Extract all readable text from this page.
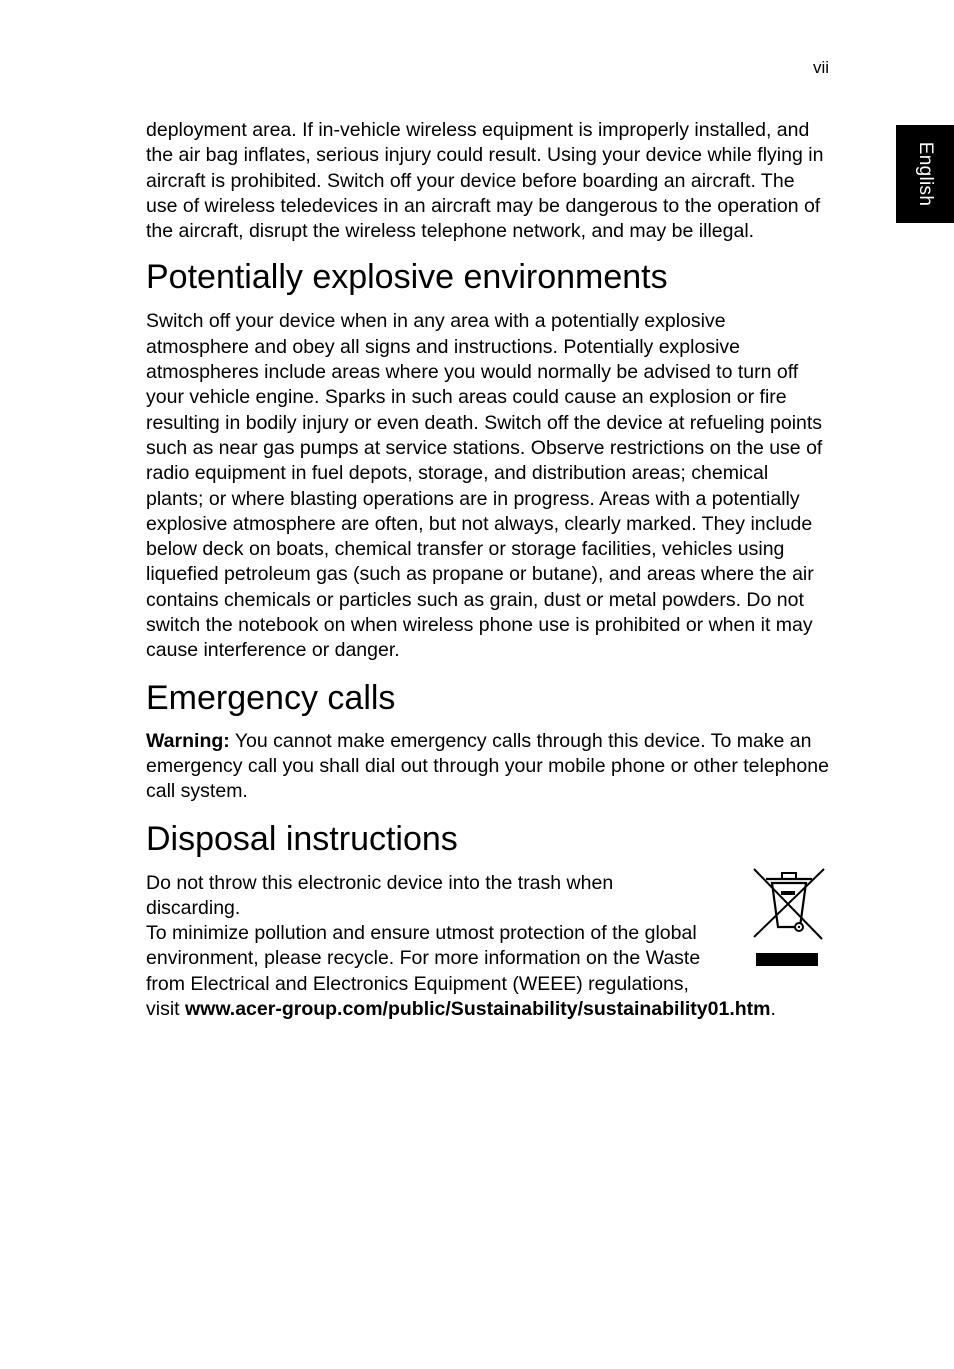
vii
English

deployment area. If in-vehicle wireless equipment is improperly installed, and the air bag inflates, serious injury could result. Using your device while flying in aircraft is prohibited. Switch off your device before boarding an aircraft. The use of wireless teledevices in an aircraft may be dangerous to the operation of the aircraft, disrupt the wireless telephone network, and may be illegal.

Potentially explosive environments

Switch off your device when in any area with a potentially explosive atmosphere and obey all signs and instructions. Potentially explosive atmospheres include areas where you would normally be advised to turn off your vehicle engine. Sparks in such areas could cause an explosion or fire resulting in bodily injury or even death. Switch off the device at refueling points such as near gas pumps at service stations. Observe restrictions on the use of radio equipment in fuel depots, storage, and distribution areas; chemical plants; or where blasting operations are in progress. Areas with a potentially explosive atmosphere are often, but not always, clearly marked. They include below deck on boats, chemical transfer or storage facilities, vehicles using liquefied petroleum gas (such as propane or butane), and areas where the air contains chemicals or particles such as grain, dust or metal powders. Do not switch the notebook on when wireless phone use is prohibited or when it may cause interference or danger.

Emergency calls

Warning: You cannot make emergency calls through this device. To make an emergency call you shall dial out through your mobile phone or other telephone call system.

Disposal instructions

Do not throw this electronic device into the trash when discarding.
To minimize pollution and ensure utmost protection of the global environment, please recycle. For more information on the Waste from Electrical and Electronics Equipment (WEEE) regulations,
visit www.acer-group.com/public/Sustainability/sustainability01.htm.
